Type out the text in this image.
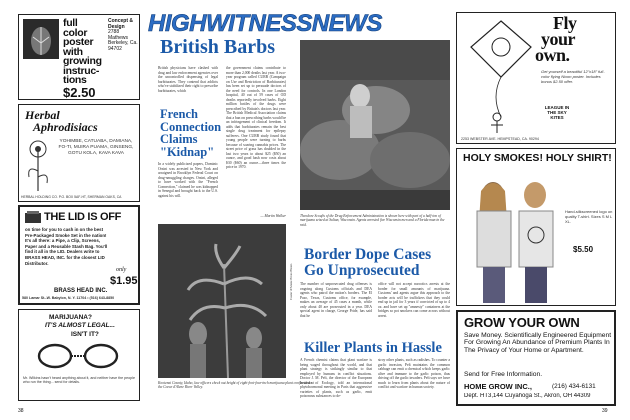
full
color
poster
with
growing
instruc-
tions
$2.50
Concept &
Design
2788 Mathews
Berkeley, Ca.
94702
Herbal
Aphrodisiacs
YOHIMBE, CATUABA, DAMIANA, FO-TI, MUIRA PUAMA, GINSENG, GOTU KOLA, KAVA KAVA
HERBAL HOLDING CO. P.O. BOX 5AF-HT, SHERMAN OAKS, CA
THE LID IS OFF
on time for you to cash in on the best Pre-Packaged Smoke Set in the nation! It's all there: a Pipe, a Clip, Screens, Paper and a Reusable Stash Bag. You'll find it all in the LID. Dealers write to BRASS HEAD, INC. for the closest LID Distributor.
only
$1.95
BRASS HEAD INC.
580 Lamar St.-W. Babylon, N. Y. 11704 • (516) 643-8850
MARIJUANA?
IT'S ALMOST LEGAL...
ISN'T IT?
Mr. Wilkins hasn't heard anything about it, and neither have the people who run the thing... send for details.
38
HIGHWITNESSNEWS
British Barbs
British physicians have clashed with drug and law enforcement agencies over the uncontrolled dispensing of legal barbiturates. They contend that addicts who've stabilized their right to prescribe barbiturates, which
the government claims contribute to more than 2,000 deaths last year. A two-year program called CURB (Campaign on Use and Restriction of Barbiturates) has been set up to persuade doctors of the need for controls. In one London hospital, 40 out of 59 cases of OD deaths reportedly involved barbs. Eight million bottles of the drugs were prescribed by Britain's doctors last year. The British Medical Association claims that a ban on prescribing barbs would be an infringement of clinical freedom. It adds that barbiturates remain the best single drug treatment for epilepsy sufferers. One CURB study found that young people were turning to barbs because of soaring cannabis prices. The street price of grass has doubled in the last two years to about $25 ($50) an ounce, and good hash now costs about $30 ($60) an ounce—three times the price in 1970.
— Martin Walker
French
Connection
Claims
"Kidnap"
In a widely publicized papers, Dominic Orsini was arrested in New York and arraigned in Brooklyn Federal Court on drug-smuggling charges. Orsini, alleged to have worked with the "French Connection," claimed he was kidnapped in Senegal and brought back to the U.S. against his will.
Kootenai County, Idaho, law officers check out height of eight-foot-four-inch marijuana plant confiscated at the Coeur d'Alene River Valley.
Coeur d'Alene Press Photo
Theodore Scoufis of the Drug Enforcement Administration is shown here with part of a half-ton of marijuana seized at Sultan, Wisconsin. Agents arrested five Wisconsin men and a Florida man in the raid.
Border Dope Cases
Go Unprosecuted
The number of unprosecuted drug offenses is ongoing along Customs officials and DEA agents who patrol the nation's borders. The El Paso, Texas, Customs office, for example, makes an average of 45 cases a month, while only about 40 are prosecuted in a year. DEA special agent in charge, George Pride, has said that he
office will not accept narcotics arrests at the border for small amounts of marijuana. Customs' and agents argue this approach to the border acts will be traffickers that they could end up in jail for 3 years if convicted of up to 4 oz. and have set up "amnesty" containers at the bridges so pot smokers can come across without arrest.
Killer Plants in Hassle
A French chemist claims that plant warfare is being waged throughout the world, and that plant strategy is strikingly similar to that employed by humans in conflict situations. Doctor J. M. Pelt, the director of the European Institute of Ecology, told an international phytohormonal meeting in Paris that aggressive varieties of plants, such as garlic, emit poisonous substances to de-
stroy other plants, such as radishes. To counter a garlic invasion, Pelt maintains the common cabbage can emit a chemical which keeps garlic alive and immune to the garlic poison, thus driving off the garlic invaders. Pelt says we have much to learn from plants about the nature of conflict and warfare in human society.
Fly
your
own.
Get yourself a beautiful 12"x18" full-color flying Nixon poster. Includes bonus $2.50 offer.
LEAGUE IN THE SKY KITES
2253 WEBSTER AVE. HEMPSTEAD, CA. 90294
HOLY SMOKES! HOLY SHIRT!
Hand-silkscreened logo on quality T-shirt. Sizes S M L XL.
$5.50
GROW YOUR OWN
Save Money. Scientifically Engineered Equipment For Growing An Abundance of Premium Plants In The Privacy of Your Home or Apartment.
Send for Free Information.
HOME GROW INC.,	(216) 434-6131
Dept. HT3,144 Cuyahoga St., Akron, OH 44309
39
